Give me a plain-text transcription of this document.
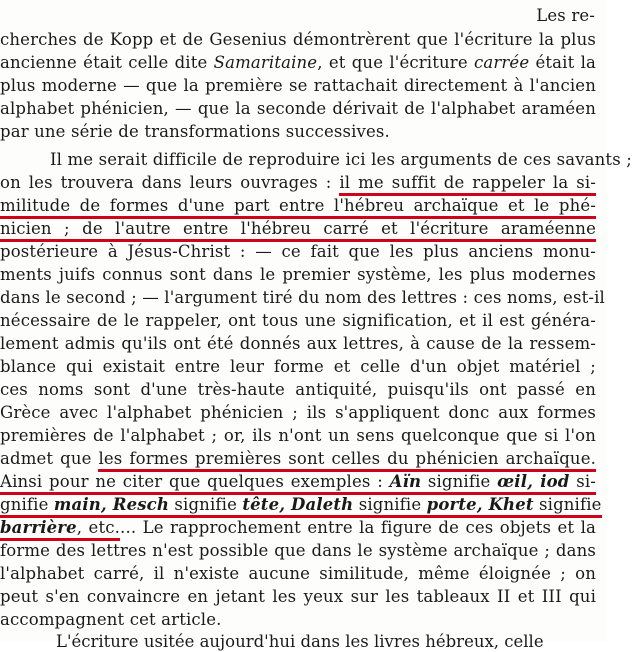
Les re-
cherches de Kopp et de Gesenius démontrèrent que l'écriture la plus
ancienne était celle dite Samaritaine, et que l'écriture carrée était la
plus moderne — que la première se rattachait directement à l'ancien
alphabet phénicien, — que la seconde dérivait de l'alphabet araméen
par une série de transformations successives.
Il me serait difficile de reproduire ici les arguments de ces savants ;
on les trouvera dans leurs ouvrages : il me suffit de rappeler la si-
militude de formes d'une part entre l'hébreu archaïque et le phé-
nicien ; de l'autre entre l'hébreu carré et l'écriture araméenne
postérieure à Jésus-Christ : — ce fait que les plus anciens monu-
ments juifs connus sont dans le premier système, les plus modernes
dans le second ; — l'argument tiré du nom des lettres : ces noms, est-il
nécessaire de le rappeler, ont tous une signification, et il est généra-
lement admis qu'ils ont été donnés aux lettres, à cause de la ressem-
blance qui existait entre leur forme et celle d'un objet matériel ;
ces noms sont d'une très-haute antiquité, puisqu'ils ont passé en
Grèce avec l'alphabet phénicien ; ils s'appliquent donc aux formes
premières de l'alphabet ; or, ils n'ont un sens quelconque que si l'on
admet que les formes premières sont celles du phénicien archaïque.
Ainsi pour ne citer que quelques exemples : Aïn signifie œil, iod si-
gnifie main, Resch signifie tête, Daleth signifie porte, Khet signifie
barrière, etc.... Le rapprochement entre la figure de ces objets et la
forme des lettres n'est possible que dans le système archaïque ; dans
l'alphabet carré, il n'existe aucune similitude, même éloignée ; on
peut s'en convaincre en jetant les yeux sur les tableaux II et III qui
accompagnent cet article.
L'écriture usitée aujourd'hui dans les livres hébreux, celle
